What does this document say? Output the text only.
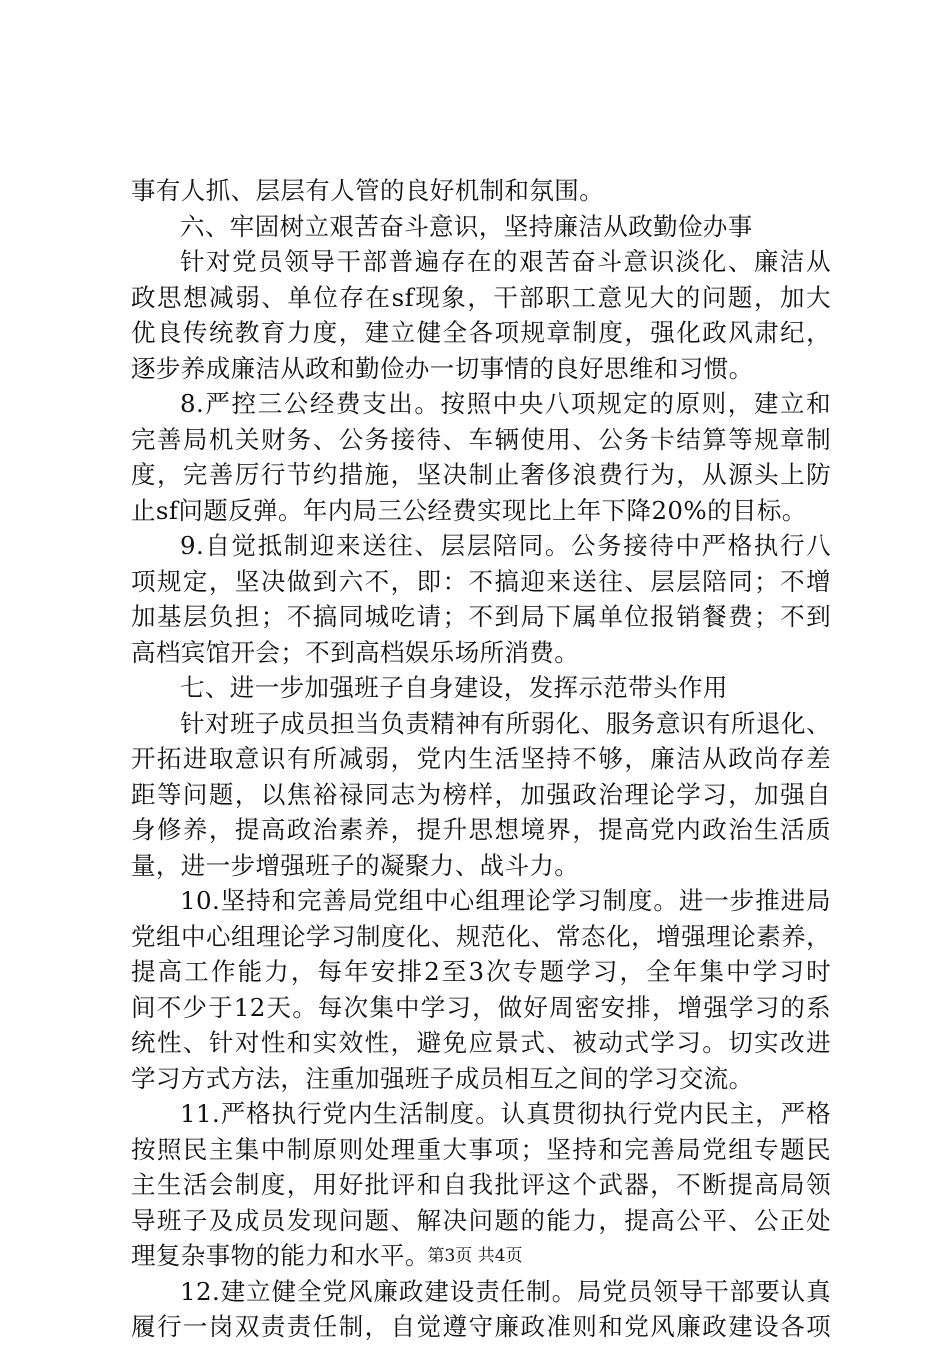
事有人抓、层层有人管的良好机制和氛围。
六、牢固树立艰苦奋斗意识，坚持廉洁从政勤俭办事
针对党员领导干部普遍存在的艰苦奋斗意识淡化、廉洁从
政思想减弱、单位存在sf现象，干部职工意见大的问题，加大
优良传统教育力度，建立健全各项规章制度，强化政风肃纪，
逐步养成廉洁从政和勤俭办一切事情的良好思维和习惯。
8.严控三公经费支出。按照中央八项规定的原则，建立和
完善局机关财务、公务接待、车辆使用、公务卡结算等规章制
度，完善厉行节约措施，坚决制止奢侈浪费行为，从源头上防
止sf问题反弹。年内局三公经费实现比上年下降20%的目标。
9.自觉抵制迎来送往、层层陪同。公务接待中严格执行八
项规定，坚决做到六不，即：不搞迎来送往、层层陪同；不增
加基层负担；不搞同城吃请；不到局下属单位报销餐费；不到
高档宾馆开会；不到高档娱乐场所消费。
七、进一步加强班子自身建设，发挥示范带头作用
针对班子成员担当负责精神有所弱化、服务意识有所退化、
开拓进取意识有所减弱，党内生活坚持不够，廉洁从政尚存差
距等问题，以焦裕禄同志为榜样，加强政治理论学习，加强自
身修养，提高政治素养，提升思想境界，提高党内政治生活质
量，进一步增强班子的凝聚力、战斗力。
10.坚持和完善局党组中心组理论学习制度。进一步推进局
党组中心组理论学习制度化、规范化、常态化，增强理论素养，
提高工作能力，每年安排2至3次专题学习，全年集中学习时
间不少于12天。每次集中学习，做好周密安排，增强学习的系
统性、针对性和实效性，避免应景式、被动式学习。切实改进
学习方式方法，注重加强班子成员相互之间的学习交流。
11.严格执行党内生活制度。认真贯彻执行党内民主，严格
按照民主集中制原则处理重大事项；坚持和完善局党组专题民
主生活会制度，用好批评和自我批评这个武器，不断提高局领
导班子及成员发现问题、解决问题的能力，提高公平、公正处
理复杂事物的能力和水平。
12.建立健全党风廉政建设责任制。局党员领导干部要认真
履行一岗双责责任制，自觉遵守廉政准则和党风廉政建设各项
第3页 共4页
